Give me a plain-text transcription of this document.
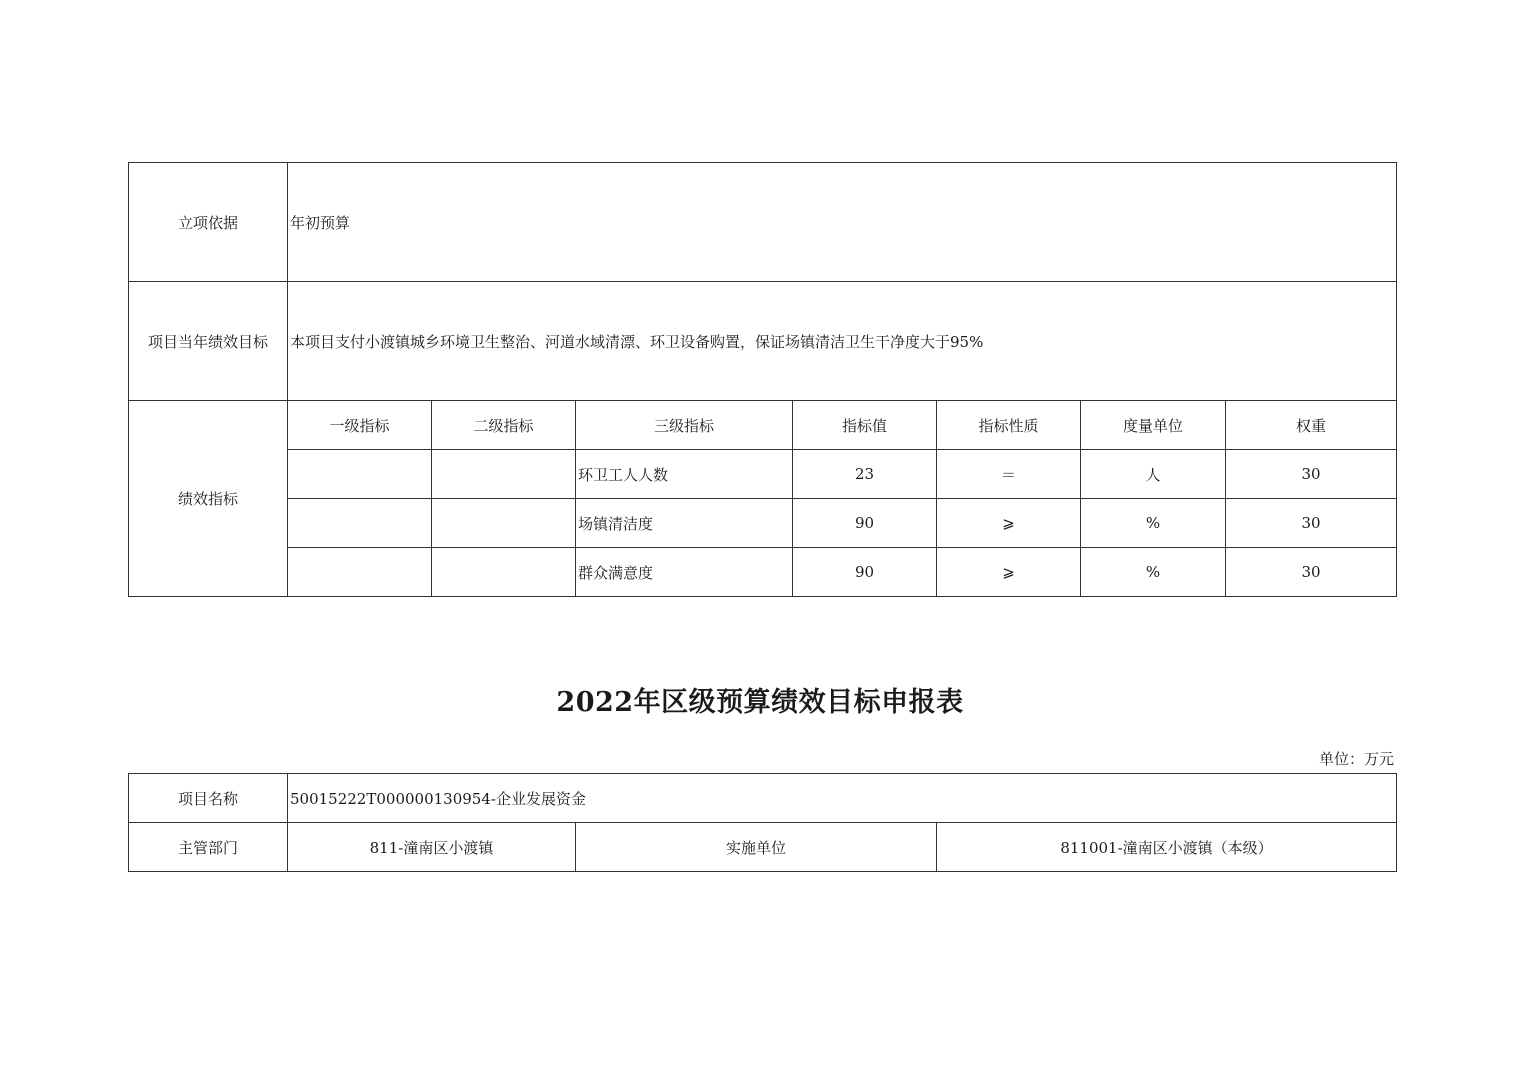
立项依据	年初预算						
项目当年绩效目标	本项目支付小渡镇城乡环境卫生整治、河道水域清漂、环卫设备购置，保证场镇清洁卫生干净度大于95%						
绩效指标	一级指标	二级指标	三级指标	指标值	指标性质	度量单位	权重
			环卫工人人数	23	＝	人	30
			场镇清洁度	90	⩾	%	30
			群众满意度	90	⩾	%	30
2022年区级预算绩效目标申报表
单位：万元
项目名称	50015222T000000130954-企业发展资金		
主管部门	811-潼南区小渡镇	实施单位	811001-潼南区小渡镇（本级）
